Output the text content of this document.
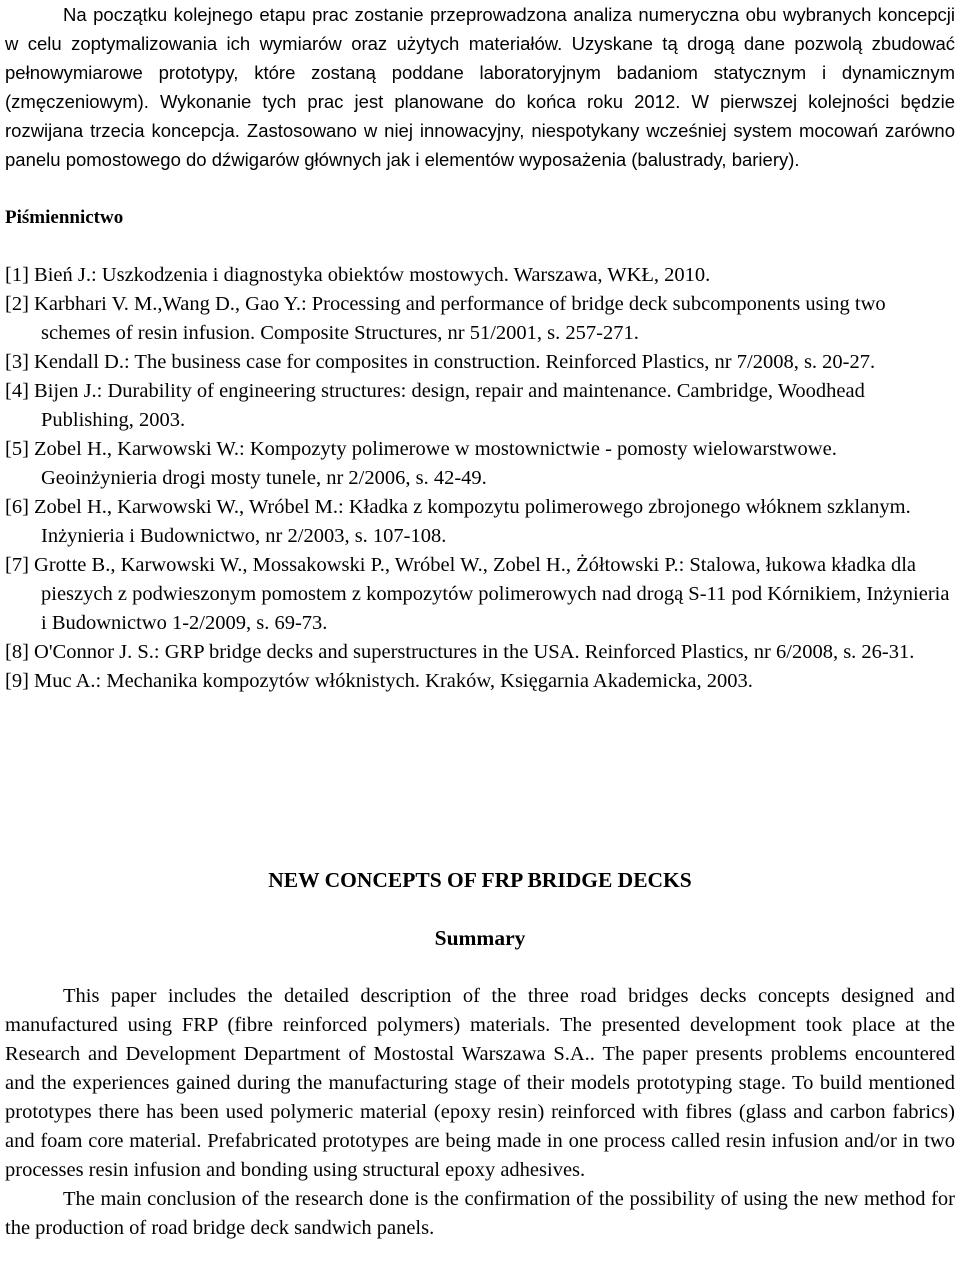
Na początku kolejnego etapu prac zostanie przeprowadzona analiza numeryczna obu wybranych koncepcji w celu zoptymalizowania ich wymiarów oraz użytych materiałów. Uzyskane tą drogą dane pozwolą zbudować pełnowymiarowe prototypy, które zostaną poddane laboratoryjnym badaniom statycznym i dynamicznym (zmęczeniowym). Wykonanie tych prac jest planowane do końca roku 2012. W pierwszej kolejności będzie rozwijana trzecia koncepcja. Zastosowano w niej innowacyjny, niespotykany wcześniej system mocowań zarówno panelu pomostowego do dźwigarów głównych jak i elementów wyposażenia (balustrady, bariery).

Piśmiennictwo
[1] Bień J.: Uszkodzenia i diagnostyka obiektów mostowych. Warszawa, WKŁ, 2010.
[2] Karbhari V. M.,Wang D., Gao Y.: Processing and performance of bridge deck subcomponents using two schemes of resin infusion. Composite Structures, nr 51/2001, s. 257-271.
[3] Kendall D.: The business case for composites in construction. Reinforced Plastics, nr 7/2008, s. 20-27.
[4] Bijen J.: Durability of engineering structures: design, repair and maintenance. Cambridge, Woodhead Publishing, 2003.
[5] Zobel H., Karwowski W.: Kompozyty polimerowe w mostownictwie - pomosty wielowarstwowe. Geoinżynieria drogi mosty tunele, nr 2/2006, s. 42-49.
[6] Zobel H., Karwowski W., Wróbel M.: Kładka z kompozytu polimerowego zbrojonego włóknem szklanym. Inżynieria i Budownictwo, nr 2/2003, s. 107-108.
[7] Grotte B., Karwowski W., Mossakowski P., Wróbel W., Zobel H., Żółtowski P.: Stalowa, łukowa kładka dla pieszych z podwieszonym pomostem z kompozytów polimerowych nad drogą S-11 pod Kórnikiem, Inżynieria i Budownictwo 1-2/2009, s. 69-73.
[8] O'Connor J. S.: GRP bridge decks and superstructures in the USA. Reinforced Plastics, nr 6/2008, s. 26-31.
[9] Muc A.: Mechanika kompozytów włóknistych. Kraków, Księgarnia Akademicka, 2003.
NEW CONCEPTS OF FRP BRIDGE DECKS
Summary

This paper includes the detailed description of the three road bridges decks concepts designed and manufactured using FRP (fibre reinforced polymers) materials. The presented development took place at the Research and Development Department of Mostostal Warszawa S.A.. The paper presents problems encountered and the experiences gained during the manufacturing stage of their models prototyping stage. To build mentioned prototypes there has been used polymeric material (epoxy resin) reinforced with fibres (glass and carbon fabrics) and foam core material. Prefabricated prototypes are being made in one process called resin infusion and/or in two processes resin infusion and bonding using structural epoxy adhesives.

The main conclusion of the research done is the confirmation of the possibility of using the new method for the production of road bridge deck sandwich panels.
